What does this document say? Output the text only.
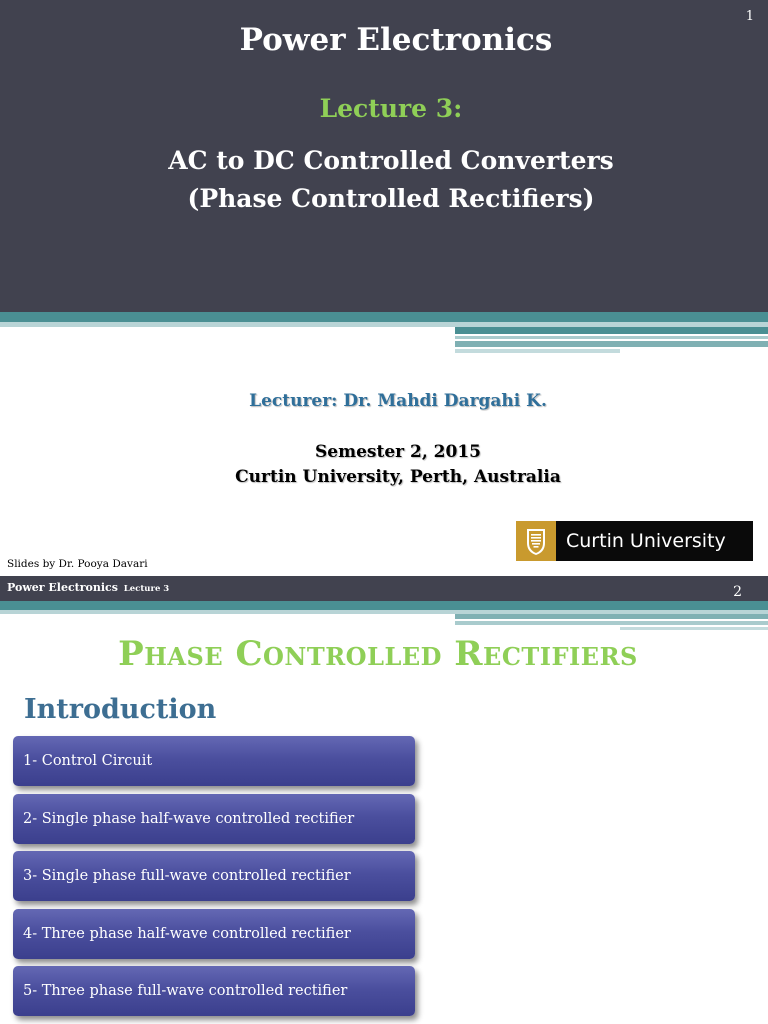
1
Power Electronics
Lecture 3:
AC to DC Controlled Converters
(Phase Controlled Rectifiers)
Lecturer: Dr. Mahdi Dargahi K.
Semester 2, 2015
Curtin University, Perth, Australia
Curtin University
Slides by Dr. Pooya Davari
Power Electronics Lecture 3	2
Phase Controlled Rectifiers
Introduction
1- Control Circuit
2- Single phase half-wave controlled rectifier
3- Single phase full-wave controlled rectifier
4- Three phase half-wave controlled rectifier
5- Three phase full-wave controlled rectifier
